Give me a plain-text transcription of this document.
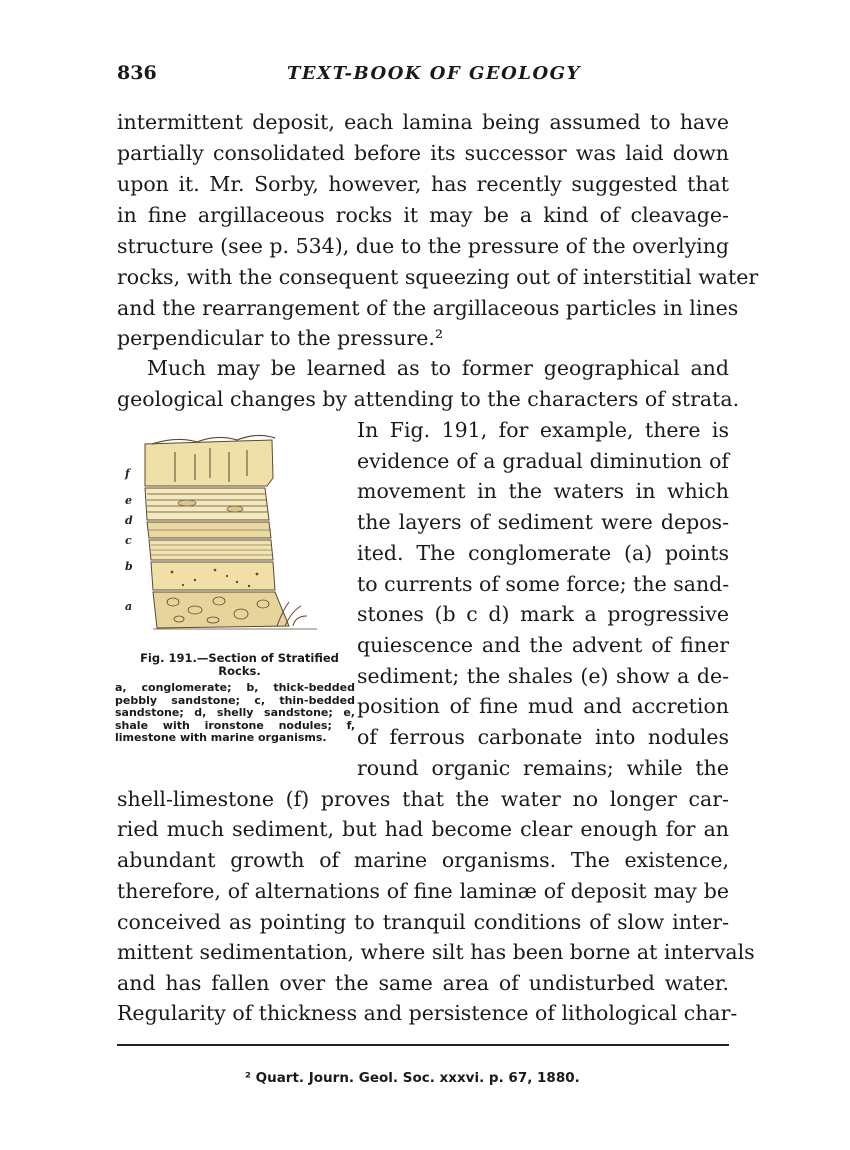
836	TEXT-BOOK OF GEOLOGY
intermittent deposit, each lamina being assumed to have
partially consolidated before its successor was laid down
upon it. Mr. Sorby, however, has recently suggested that
in fine argillaceous rocks it may be a kind of cleavage-
structure (see p. 534), due to the pressure of the overlying
rocks, with the consequent squeezing out of interstitial water
and the rearrangement of the argillaceous particles in lines
perpendicular to the pressure.²
Much may be learned as to former geographical and
geological changes by attending to the characters of strata.
In Fig. 191, for example, there is
evidence of a gradual diminution of
movement in the waters in which
the layers of sediment were depos-
ited. The conglomerate (a) points
to currents of some force; the sand-
stones (b c d) mark a progressive
quiescence and the advent of finer
sediment; the shales (e) show a de-
position of fine mud and accretion
of ferrous carbonate into nodules
round organic remains; while the
shell-limestone (f) proves that the water no longer car-
ried much sediment, but had become clear enough for an
abundant growth of marine organisms. The existence,
therefore, of alternations of fine laminæ of deposit may be
conceived as pointing to tranquil conditions of slow inter-
mittent sedimentation, where silt has been borne at intervals
and has fallen over the same area of undisturbed water.
Regularity of thickness and persistence of lithological char-
f
e
d
c
b
a
Fig. 191.—Section of Stratified Rocks.
a, conglomerate; b, thick-bedded pebbly sandstone; c, thin-bedded sandstone; d, shelly sandstone; e, shale with ironstone nodules; f, limestone with marine organisms.
² Quart. Journ. Geol. Soc. xxxvi. p. 67, 1880.
